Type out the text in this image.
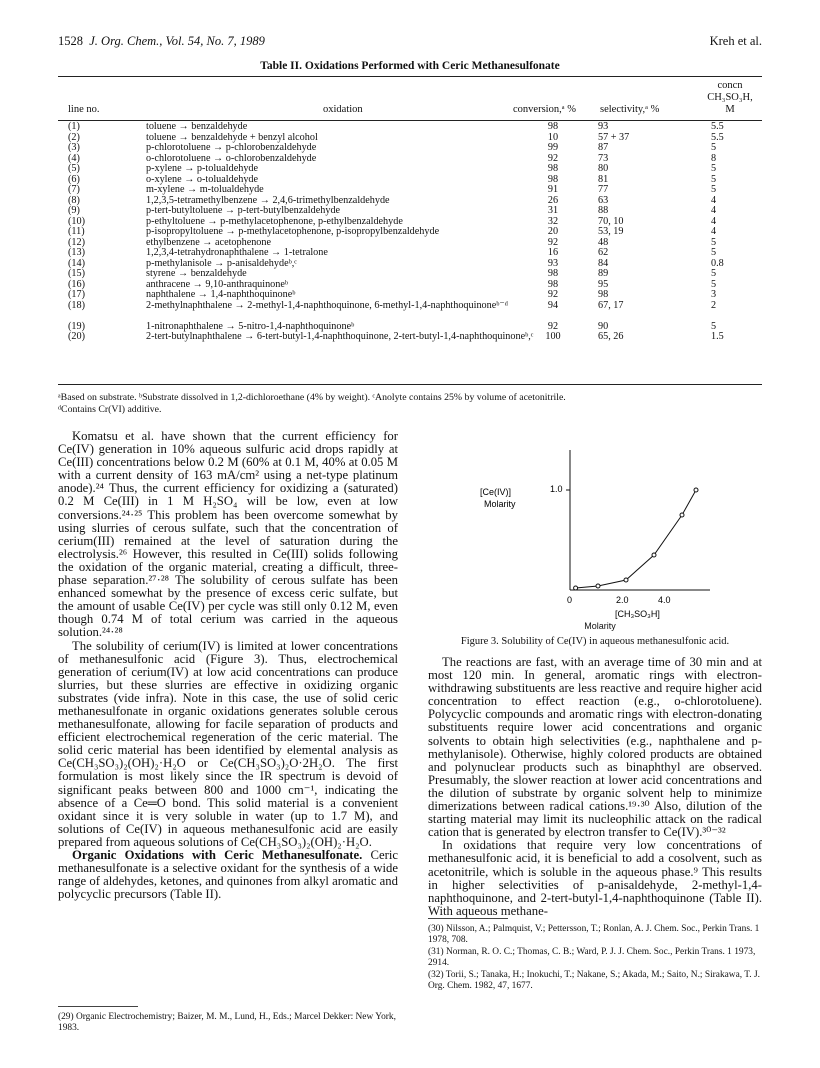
1528 J. Org. Chem., Vol. 54, No. 7, 1989	Kreh et al.
Table II. Oxidations Performed with Ceric Methanesulfonate
line no.	oxidation	conversion,ᵃ % selectivity,ᵃ %
concn
CH₃SO₃H,
M
(1)	toluene → benzaldehyde	98	93	5.5
(2)	toluene → benzaldehyde + benzyl alcohol	10	57 + 37	5.5
(3)	p-chlorotoluene → p-chlorobenzaldehyde	99	87	5
(4)	o-chlorotoluene → o-chlorobenzaldehyde	92	73	8
(5)	p-xylene → p-tolualdehyde	98	80	5
(6)	o-xylene → o-tolualdehyde	98	81	5
(7)	m-xylene → m-tolualdehyde	91	77	5
(8)	1,2,3,5-tetramethylbenzene → 2,4,6-trimethylbenzaldehyde	26	63	4
(9)	p-tert-butyltoluene → p-tert-butylbenzaldehyde	31	88	4
(10)	p-ethyltoluene → p-methylacetophenone, p-ethylbenzaldehyde	32	70, 10	4
(11)	p-isopropyltoluene → p-methylacetophenone, p-isopropylbenzaldehyde	20	53, 19	4
(12)	ethylbenzene → acetophenone	92	48	5
(13)	1,2,3,4-tetrahydronaphthalene → 1-tetralone	16	62	5
(14)	p-methylanisole → p-anisaldehydeᵇ,ᶜ	93	84	0.8
(15)	styrene → benzaldehyde	98	89	5
(16)	anthracene → 9,10-anthraquinoneᵇ	98	95	5
(17)	naphthalene → 1,4-naphthoquinoneᵇ	92	98	3
(18)	2-methylnaphthalene → 2-methyl-1,4-naphthoquinone, 6-methyl-1,4-naphthoquinoneᵇ⁻ᵈ	94	67, 17	2
(19)	1-nitronaphthalene → 5-nitro-1,4-naphthoquinoneᵇ	92	90	5
(20)	2-tert-butylnaphthalene → 6-tert-butyl-1,4-naphthoquinone, 2-tert-butyl-1,4-naphthoquinoneᵇ,ᶜ	100	65, 26	1.5
ᵃBased on substrate. ᵇSubstrate dissolved in 1,2-dichloroethane (4% by weight). ᶜAnolyte contains 25% by volume of acetonitrile.
ᵈContains Cr(VI) additive.

Komatsu et al. have shown that the current efficiency for Ce(IV) generation in 10% aqueous sulfuric acid drops rapidly at Ce(III) concentrations below 0.2 M (60% at 0.1 M, 40% at 0.05 M with a current density of 163 mA/cm² using a net-type platinum anode).²⁴ Thus, the current efficiency for oxidizing a (saturated) 0.2 M Ce(III) in 1 M H₂SO₄ will be low, even at low conversions.²⁴·²⁵ This problem has been overcome somewhat by using slurries of cerous sulfate, such that the concentration of cerium(III) remained at the level of saturation during the electrolysis.²⁶ However, this resulted in Ce(III) solids following the oxidation of the organic material, creating a difficult, three-phase separation.²⁷·²⁸ The solubility of cerous sulfate has been enhanced somewhat by the presence of excess ceric sulfate, but the amount of usable Ce(IV) per cycle was still only 0.12 M, even though 0.74 M of total cerium was carried in the aqueous solution.²⁴·²⁸

The solubility of cerium(IV) is limited at lower concentrations of methanesulfonic acid (Figure 3). Thus, electrochemical generation of cerium(IV) at low acid concentrations can produce slurries, but these slurries are effective in oxidizing organic substrates (vide infra). Note in this case, the use of solid ceric methanesulfonate in organic oxidations generates soluble cerous methanesulfonate, allowing for facile separation of products and efficient electrochemical regeneration of the ceric material. The solid ceric material has been identified by elemental analysis as Ce(CH₃SO₃)₂(OH)₂·H₂O or Ce(CH₃SO₃)₂O·2H₂O. The first formulation is most likely since the IR spectrum is devoid of significant peaks between 800 and 1000 cm⁻¹, indicating the absence of a Ce═O bond. This solid material is a convenient oxidant since it is very soluble in water (up to 1.7 M), and solutions of Ce(IV) in aqueous methanesulfonic acid are easily prepared from aqueous solutions of Ce(CH₃SO₃)₂(OH)₂·H₂O.

Organic Oxidations with Ceric Methanesulfonate. Ceric methanesulfonate is a selective oxidant for the synthesis of a wide range of aldehydes, ketones, and quinones from alkyl aromatic and polycyclic precursors (Table II).

(29) Organic Electrochemistry; Baizer, M. M., Lund, H., Eds.; Marcel Dekker: New York, 1983.
[Ce(IV)]
Molarity
1.0
0	2.0	4.0
[CH₃SO₃H]
Molarity
Figure 3. Solubility of Ce(IV) in aqueous methanesulfonic acid.

The reactions are fast, with an average time of 30 min and at most 120 min. In general, aromatic rings with electron-withdrawing substituents are less reactive and require higher acid concentration to effect reaction (e.g., o-chlorotoluene). Polycyclic compounds and aromatic rings with electron-donating substituents require lower acid concentrations and organic solvents to obtain high selectivities (e.g., naphthalene and p-methylanisole). Otherwise, highly colored products are obtained and polynuclear products such as binaphthyl are observed. Presumably, the slower reaction at lower acid concentrations and the dilution of substrate by organic solvent help to minimize dimerizations between radical cations.¹⁹·³⁰ Also, dilution of the starting material may limit its nucleophilic attack on the radical cation that is generated by electron transfer to Ce(IV).³⁰⁻³²

In oxidations that require very low concentrations of methanesulfonic acid, it is beneficial to add a cosolvent, such as acetonitrile, which is soluble in the aqueous phase.⁹ This results in higher selectivities of p-anisaldehyde, 2-methyl-1,4-naphthoquinone, and 2-tert-butyl-1,4-naphthoquinone (Table II). With aqueous methane-

(30) Nilsson, A.; Palmquist, V.; Pettersson, T.; Ronlan, A. J. Chem. Soc., Perkin Trans. 1 1978, 708.
(31) Norman, R. O. C.; Thomas, C. B.; Ward, P. J. J. Chem. Soc., Perkin Trans. 1 1973, 2914.
(32) Torii, S.; Tanaka, H.; Inokuchi, T.; Nakane, S.; Akada, M.; Saito, N.; Sirakawa, T. J. Org. Chem. 1982, 47, 1677.
